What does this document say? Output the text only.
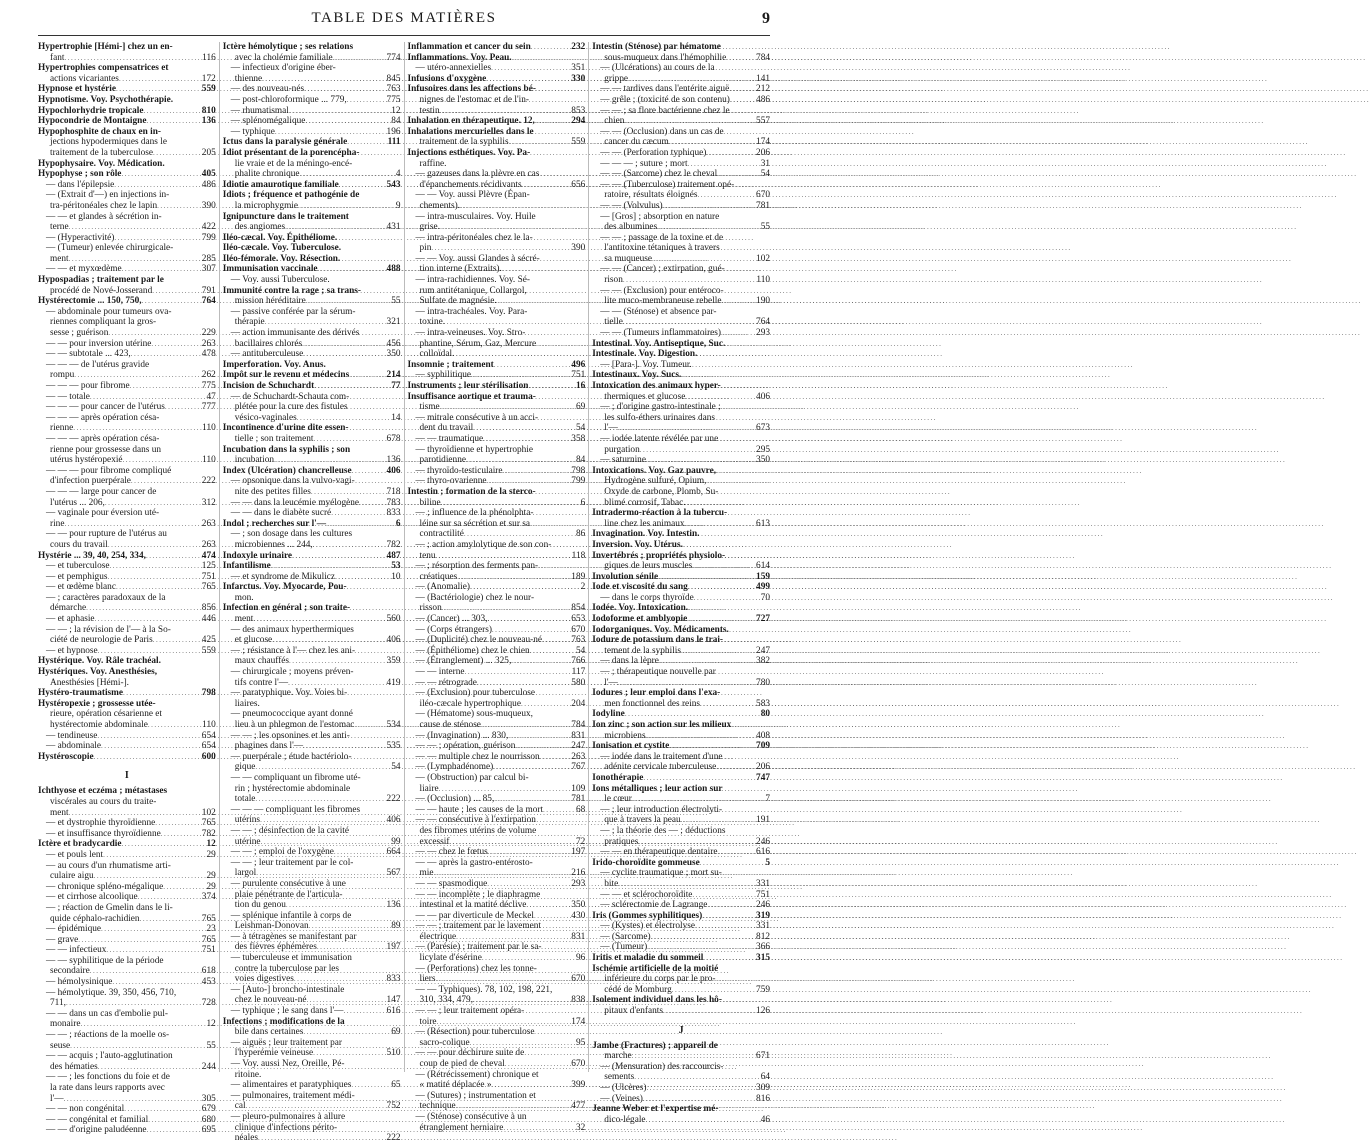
TABLE DES MATIÈRES	9
Hypertrophie [Hémi-] chez un en-
fant .....	116
Hypertrophies compensatrices et
actions vicariantes .....	172
Hypnose et hystérie .....	559
Hypnotisme. Voy. Psychothérapie.
Hypochlorhydrie tropicale .....	810
Hypocondrie de Montaigne .....	136
Hypophosphite de chaux en in-
jections hypodermiques dans le
traitement de la tuberculose .....	205
Hypophysaire. Voy. Médication.
Hypophyse ; son rôle .....	405
— dans l'épilepsie .....	486
— (Extrait d'—) en injections in-
tra-péritonéales chez le lapin .....	390
— — et glandes à sécrétion in-
terne .....	422
— (Hyperactivité) .....	799
— (Tumeur) enlevée chirurgicale-
ment .....	285
— — et myxœdème .....	307
Hypospadias ; traitement par le
procédé de Nové-Josserand .....	791
Hystérectomie ... 150, 750, .....	764
— abdominale pour tumeurs ova-
riennes compliquant la gros-
sesse ; guérison .....	229
— — pour inversion utérine .....	263
— — subtotale ... 423, .....	478
— — — de l'utérus gravide
rompu .....	262
— — — pour fibrome .....	775
— — totale .....	47
— — — pour cancer de l'utérus .....	777
— — — après opération césa-
rienne .....	110
— — — après opération césa-
rienne pour grossesse dans un
utérus hystéropexié .....	110
— — — pour fibrome compliqué
d'infection puerpérale .....	222
— — — large pour cancer de
l'utérus ... 206, .....	312
— vaginale pour éversion uté-
rine .....	263
— — pour rupture de l'utérus au
cours du travail .....	263
Hystérie ... 39, 40, 254, 334, .....	474
— et tuberculose .....	125
— et pemphigus .....	751
— et œdème blanc .....	765
— ; caractères paradoxaux de la
démarche .....	856
— et aphasie .....	446
— — ; la révision de l'— à la So-
ciété de neurologie de Paris .....	425
— et hypnose .....	559
Hystérique. Voy. Râle trachéal.
Hystériques. Voy. Anesthésies,
Anesthésies [Hémi-].
Hystéro-traumatisme .....	798
Hystéropexie ; grossesse utée-
rieure, opération césarienne et
hystérectomie abdominale .....	110
— tendineuse .....	654
— abdominale .....	654
Hystéroscopie .....	600
I
Ichthyose et eczéma ; métastases
viscérales au cours du traite-
ment .....	102
— et dystrophie thyroïdienne .....	765
— et insuffisance thyroïdienne .....	782
Ictère et bradycardie .....	12
— et pouls lent .....	29
— au cours d'un rhumatisme arti-
culaire aigu .....	29
— chronique spléno-mégalique .....	29
— et cirrhose alcoolique .....	374
— ; réaction de Gmelin dans le li-
quide céphalo-rachidien .....	765
— épidémique .....	23
— grave .....	765
— — infectieux .....	751
— — syphilitique de la période
secondaire .....	618
— hémolysinique .....	453
— hémolytique. 39, 350, 456, 710,
711, .....	728
— — dans un cas d'embolie pul-
monaire .....	12
— — ; réactions de la moelle os-
seuse .....	55
— — acquis ; l'auto-agglutination
des hématies .....	244
— — ; les fonctions du foie et de
la rate dans leurs rapports avec
l'— .....	305
— — non congénital .....	679
— — congénital et familial .....	680
— — d'origine paludéenne .....	695
Ictère hémolytique ; ses relations
avec la cholémie familiale .....	774
— infectieux d'origine éber-
thienne .....	845
— des nouveau-nés .....	763
— post-chloroformique ... 779, .....	775
— rhumatismal .....	12
— splénomégalique .....	84
— typhique .....	196
Ictus dans la paralysie générale .....	111
Idiot présentant de la porencépha-
lie vraie et de la méningo-encé-
phalite chronique .....	4
Idiotie amaurotique familiale .....	543
Idiots ; fréquence et pathogénie de
la microphygmie .....	9
Ignipuncture dans le traitement
des angiomes .....	431
Iléo-cæcal. Voy. Épithéliome.
Iléo-cæcale. Voy. Tuberculose.
Iléo-fémorale. Voy. Résection.
Immunisation vaccinale .....	488
— Voy. aussi Tuberculose.
Immunité contre la rage ; sa trans-
mission héréditaire .....	55
— passive conférée par la sérum-
thérapie .....	321
— action immunisante des dérivés
bacillaires chlorés .....	456
— antituberculeuse .....	350
Imperforation. Voy. Anus.
Impôt sur le revenu et médecins .....	214
Incision de Schuchardt .....	77
— de Schuchardt-Schauta com-
plétée pour la cure des fistules
vésico-vaginales .....	14
Incontinence d'urine dite essen-
tielle ; son traitement .....	678
Incubation dans la syphilis ; son
incubation .....	136
Index (Ulcération) chancrelleuse .....	406
— opsonique dans la vulvo-vagi-
nite des petites filles .....	718
— — dans la leucémie myélogène .....	783
— — dans le diabète sucré .....	833
Indol ; recherches sur l'— .....	6
— ; son dosage dans les cultures
microbiennes ... 244, .....	782
Indoxyle urinaire .....	487
Infantilisme .....	53
— et syndrome de Mikulicz .....	10
Infarctus. Voy. Myocarde, Pou-
mon.
Infection en général ; son traite-
ment .....	560
— des animaux hyperthermiques
et glucose .....	406
— ; résistance à l'— chez les ani-
maux chauffés .....	359
— chirurgicale ; moyens préven-
tifs contre l'— .....	419
— paratyphique. Voy. Voies bi-
liaires.
— pneumococcique ayant donné
lieu à un phlegmon de l'estomac .....	534
— — ; les opsonines et les anti-
phagines dans l'— .....	535
— puerpérale ; étude bactériolo-
gique .....	54
— — compliquant un fibrome uté-
rin ; hystérectomie abdominale
totale .....	222
— — — compliquant les fibromes
utérins .....	406
— — ; désinfection de la cavité
utérine .....	99
— — ; emploi de l'oxygène .....	664
— — ; leur traitement par le col-
largol .....	567
— purulente consécutive à une
plaie pénétrante de l'articula-
tion du genou .....	136
— splénique infantile à corps de
Leishman-Donovan .....	89
— à tétragènes se manifestant par
des fièvres éphémères .....	197
— tuberculeuse et immunisation
contre la tuberculose par les
voies digestives .....	833
— [Auto-] broncho-intestinale
chez le nouveau-né .....	147
— typhique ; le sang dans l'— .....	616
Infections ; modifications de la
bile dans certaines .....	69
— aiguës ; leur traitement par
l'hyperémie veineuse .....	510
— Voy. aussi Nez, Oreille, Pé-
ritoine.
— alimentaires et paratyphiques .....	65
— pulmonaires, traitement médi-
cal .....	752
— pleuro-pulmonaires à allure
clinique d'infections périto-
néales .....	222
Inflammation et cancer du sein .....	232
Inflammations. Voy. Peau.
— utéro-annexielles .....	351
Infusions d'oxygène .....	330
Infusoires dans les affections bé-
nignes de l'estomac et de l'in-
testin .....	853
Inhalation en thérapeutique. 12, .....	294
Inhalations mercurielles dans le
traitement de la syphilis .....	559
Injections esthétiques. Voy. Pa-
raffine.
— gazeuses dans la plèvre en cas
d'épanchements récidivants .....	656
— — Voy. aussi Plèvre (Épan-
chements).
— intra-musculaires. Voy. Huile
grise.
— intra-péritonéales chez le la-
pin .....	390
— — Voy. aussi Glandes à sécré-
tion interne (Extraits).
— intra-rachidiennes. Voy. Sé-
rum antitétanique, Collargol,
Sulfate de magnésie.
— intra-trachéales. Voy. Para-
toxine.
— intra-veineuses. Voy. Stro-
phantine, Sérum, Gaz, Mercure
colloïdal.
Insomnie ; traitement .....	496
— syphilitique .....	751
Instruments ; leur stérilisation .....	16
Insuffisance aortique et trauma-
tisme .....	69
— mitrale consécutive à un acci-
dent du travail .....	54
— — traumatique .....	358
— thyroïdienne et hypertrophie
parotidienne .....	84
— thyroïdo-testiculaire .....	798
— thyro-ovarienne .....	799
Intestin ; formation de la sterco-
biline .....	6
— ; influence de la phénolphta-
léine sur sa sécrétion et sur sa
contractilité .....	86
— ; action amylolytique de son con-
tenu .....	118
— ; résorption des ferments pan-
créatiques .....	189
— (Anomalie) .....	2
— (Bactériologie) chez le nour-
risson .....	854
— (Cancer) ... 303, .....	653
— (Corps étrangers) .....	670
— (Duplicité) chez le nouveau-né .....	763
— (Épithéliome) chez le chien .....	54
— (Étranglement) ... 325, .....	766
— — interne .....	117
— — rétrograde .....	580
— (Exclusion) pour tuberculose
iléo-cæcale hypertrophique .....	204
— (Hématome) sous-muqueux,
cause de sténose .....	784
— (Invagination) ... 830, .....	831
— — ; opération, guérison .....	247
— — multiple chez le nourrisson .....	263
— (Lymphadénome) .....	767
— (Obstruction) par calcul bi-
liaire .....	109
— (Occlusion) ... 85, .....	781
— — haute ; les causes de la mort .....	68
— — consécutive à l'extirpation
des fibromes utérins de volume
excessif .....	72
— — chez le fœtus .....	197
— — après la gastro-entérosto-
mie .....	216
— — spasmodique .....	293
— — incomplète ; le diaphragme
intestinal et la matité déclive .....	350
— — par diverticule de Meckel .....	430
— — ; traitement par le lavement
électrique .....	831
— (Parésie) ; traitement par le sa-
licylate d'ésérine .....	96
— (Perforations) chez les tonne-
liers .....	670
— — Typhiques). 78, 102, 198, 221,
310, 334, 479, .....	838
— — ; leur traitement opéra-
toire .....	174
— (Résection) pour tuberculose
sacro-colique .....	95
— — pour déchirure suite de
coup de pied de cheval .....	670
— (Rétrécissement) chronique et
« matité déplacée » .....	399
— (Sutures) ; instrumentation et
technique .....	477
— (Sténose) consécutive à un
étranglement herniaire .....	32
Intestin (Sténose) par hématome
sous-muqueux dans l'hémophilie .....	784
— (Ulcérations) au cours de la
grippe .....	141
— — tardives dans l'entérite aiguë .....	212
— grêle ; (toxicité de son contenu) .....	486
— — ; sa flore bactérienne chez le
chien .....	557
— — (Occlusion) dans un cas de
cancer du cæcum .....	174
— — (Perforation typhique) .....	206
— — — ; suture ; mort .....	31
— — (Sarcome) chez le cheval .....	54
— — (Tuberculose) traitement opé-
ratoire, résultats éloignés .....	670
— — (Volvulus) .....	781
— [Gros] ; absorption en nature
des albumines .....	55
— — ; passage de la toxine et de
l'antitoxine tétaniques à travers
sa muqueuse .....	102
— — (Cancer) ; extirpation, gué-
rison .....	110
— — (Exclusion) pour entéroco-
lite muco-membraneuse rebelle .....	190
— — (Sténose) et absence par-
tielle .....	764
— — (Tumeurs inflammatoires) .....	293
Intestinal. Voy. Antiseptique, Suc.
Intestinale. Voy. Digestion.
— [Para-]. Voy. Tumeur.
Intestinaux. Voy. Sucs.
Intoxication des animaux hyper-
thermiques et glucose .....	406
— ; d'origine gastro-intestinale ;
les sulfo-éthers urinaires dans
l'— .....	673
— iodée latente révélée par une
purgation .....	295
— saturnine .....	350
Intoxications. Voy. Gaz pauvre,
Hydrogène sulfuré, Opium,
Oxyde de carbone, Plomb, Su-
blimé corrosif, Tabac.
Intradermo-réaction à la tubercu-
line chez les animaux .....	613
Invagination. Voy. Intestin.
Inversion. Voy. Utérus.
Invertébrés ; propriétés physiolo-
giques de leurs muscles .....	614
Involution sénile .....	159
Iode et viscosité du sang .....	499
— dans le corps thyroïde .....	70
Iodée. Voy. Intoxication.
Iodoforme et amblyopie .....	727
Iodorganiques. Voy. Médicaments.
Iodure de potassium dans le trai-
tement de la syphilis .....	247
— dans la lèpre .....	382
— ; thérapeutique nouvelle par
l'— .....	780
Iodures ; leur emploi dans l'exa-
men fonctionnel des reins .....	583
Iodyline .....	80
Ion zinc ; son action sur les milieux
microbiens .....	408
Ionisation et cystite .....	709
— iodée dans le traitement d'une
adénite cervicale tuberculeuse .....	206
Ionothérapie .....	747
Ions métalliques ; leur action sur
le cœur .....	7
— ; leur introduction électrolyti-
que à travers la peau .....	191
— ; la théorie des — ; déductions
pratiques .....	246
— — en thérapeutique dentaire .....	616
Irido-choroïdite gommeuse .....	5
— cyclite traumatique ; mort su-
bite .....	331
— — et sclérochoroïdite .....	751
— sclérectomie de Lagrange .....	246
Iris (Gommes syphilitiques) .....	319
— (Kystes) et électrolyse .....	331
— (Sarcome) .....	812
— (Tumeur) .....	366
Iritis et maladie du sommeil .....	315
Ischémie artificielle de la moitié
inférieure du corps par le pro-
cédé de Momburg .....	759
Isolement individuel dans les hô-
pitaux d'enfants .....	126
J
Jambe (Fractures) ; appareil de
marche .....	671
— (Mensuration) des raccourcis-
sements .....	64
— (Ulcères) .....	309
— (Veines) .....	816
Jeanne Weber et l'expertise mé-
dico-légale .....	46
